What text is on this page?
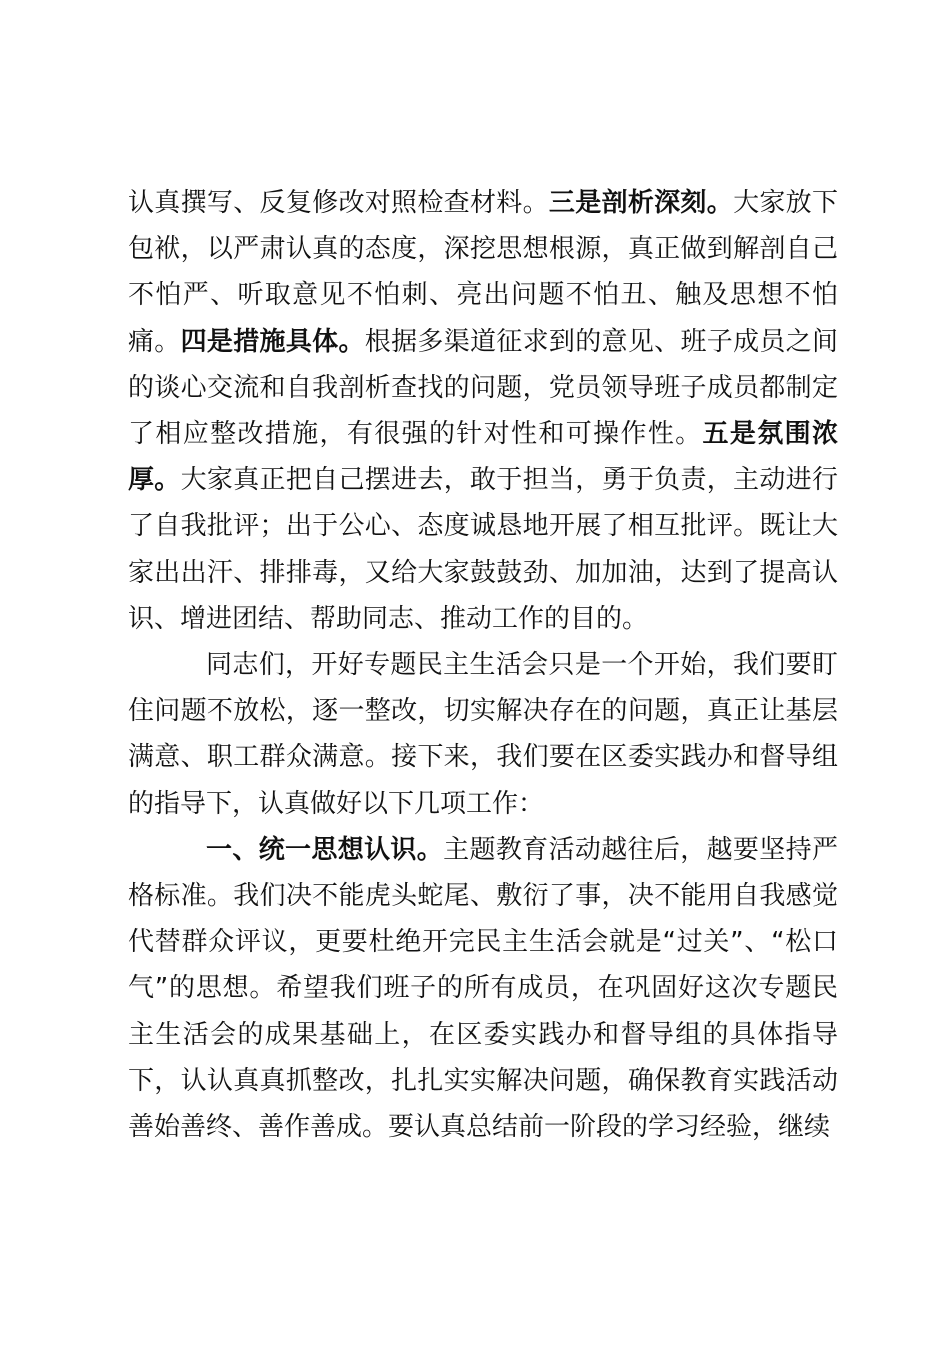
认真撰写、反复修改对照检查材料。三是剖析深刻。大家放下包袱，以严肃认真的态度，深挖思想根源，真正做到解剖自己不怕严、听取意见不怕刺、亮出问题不怕丑、触及思想不怕痛。四是措施具体。根据多渠道征求到的意见、班子成员之间的谈心交流和自我剖析查找的问题，党员领导班子成员都制定了相应整改措施，有很强的针对性和可操作性。五是氛围浓厚。大家真正把自己摆进去，敢于担当，勇于负责，主动进行了自我批评；出于公心、态度诚恳地开展了相互批评。既让大家出出汗、排排毒，又给大家鼓鼓劲、加加油，达到了提高认识、增进团结、帮助同志、推动工作的目的。

同志们，开好专题民主生活会只是一个开始，我们要盯住问题不放松，逐一整改，切实解决存在的问题，真正让基层满意、职工群众满意。接下来，我们要在区委实践办和督导组的指导下，认真做好以下几项工作：

一、统一思想认识。主题教育活动越往后，越要坚持严格标准。我们决不能虎头蛇尾、敷衍了事，决不能用自我感觉代替群众评议，更要杜绝开完民主生活会就是“过关”、“松口气”的思想。希望我们班子的所有成员，在巩固好这次专题民主生活会的成果基础上，在区委实践办和督导组的具体指导下，认认真真抓整改，扎扎实实解决问题，确保教育实践活动善始善终、善作善成。要认真总结前一阶段的学习经验，继续
